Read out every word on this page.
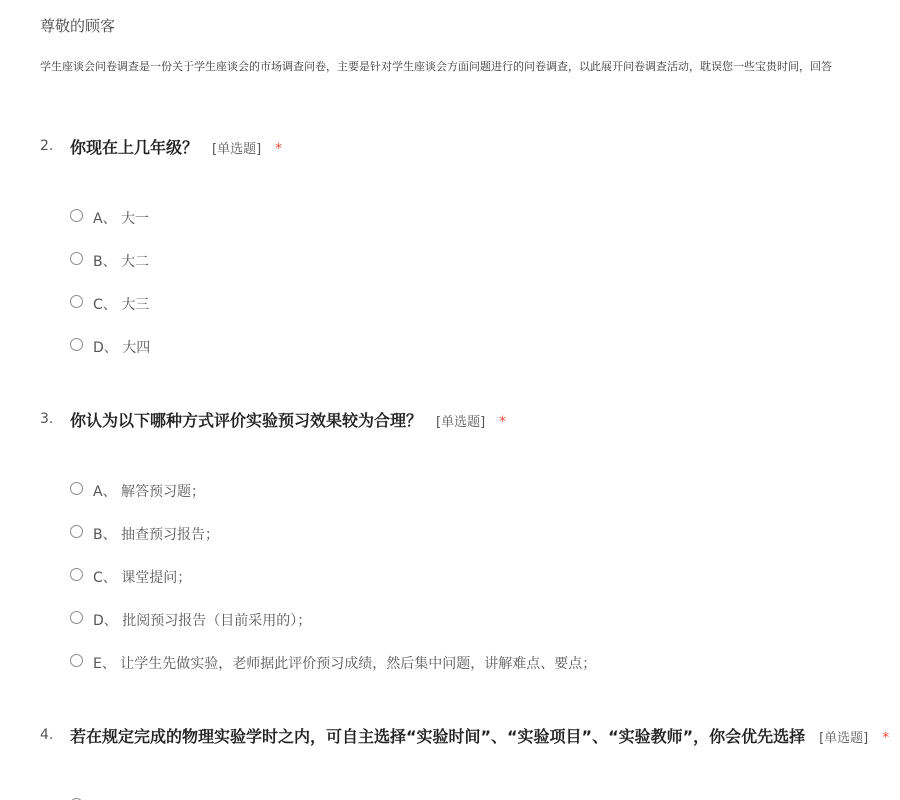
尊敬的顾客
学生座谈会问卷调查是一份关于学生座谈会的市场调查问卷，主要是针对学生座谈会方面问题进行的问卷调查，以此展开问卷调查活动，耽误您一些宝贵时间，回答
2. 你现在上几年级？ [单选题] *
A、 大一
B、 大二
C、 大三
D、 大四
3. 你认为以下哪种方式评价实验预习效果较为合理？ [单选题] *
A、 解答预习题；
B、 抽查预习报告；
C、 课堂提问；
D、 批阅预习报告（目前采用的）；
E、 让学生先做实验，老师据此评价预习成绩，然后集中问题，讲解难点、要点；
4. 若在规定完成的物理实验学时之内，可自主选择“实验时间”、“实验项目”、“实验教师”，你会优先选择 [单选题] *
